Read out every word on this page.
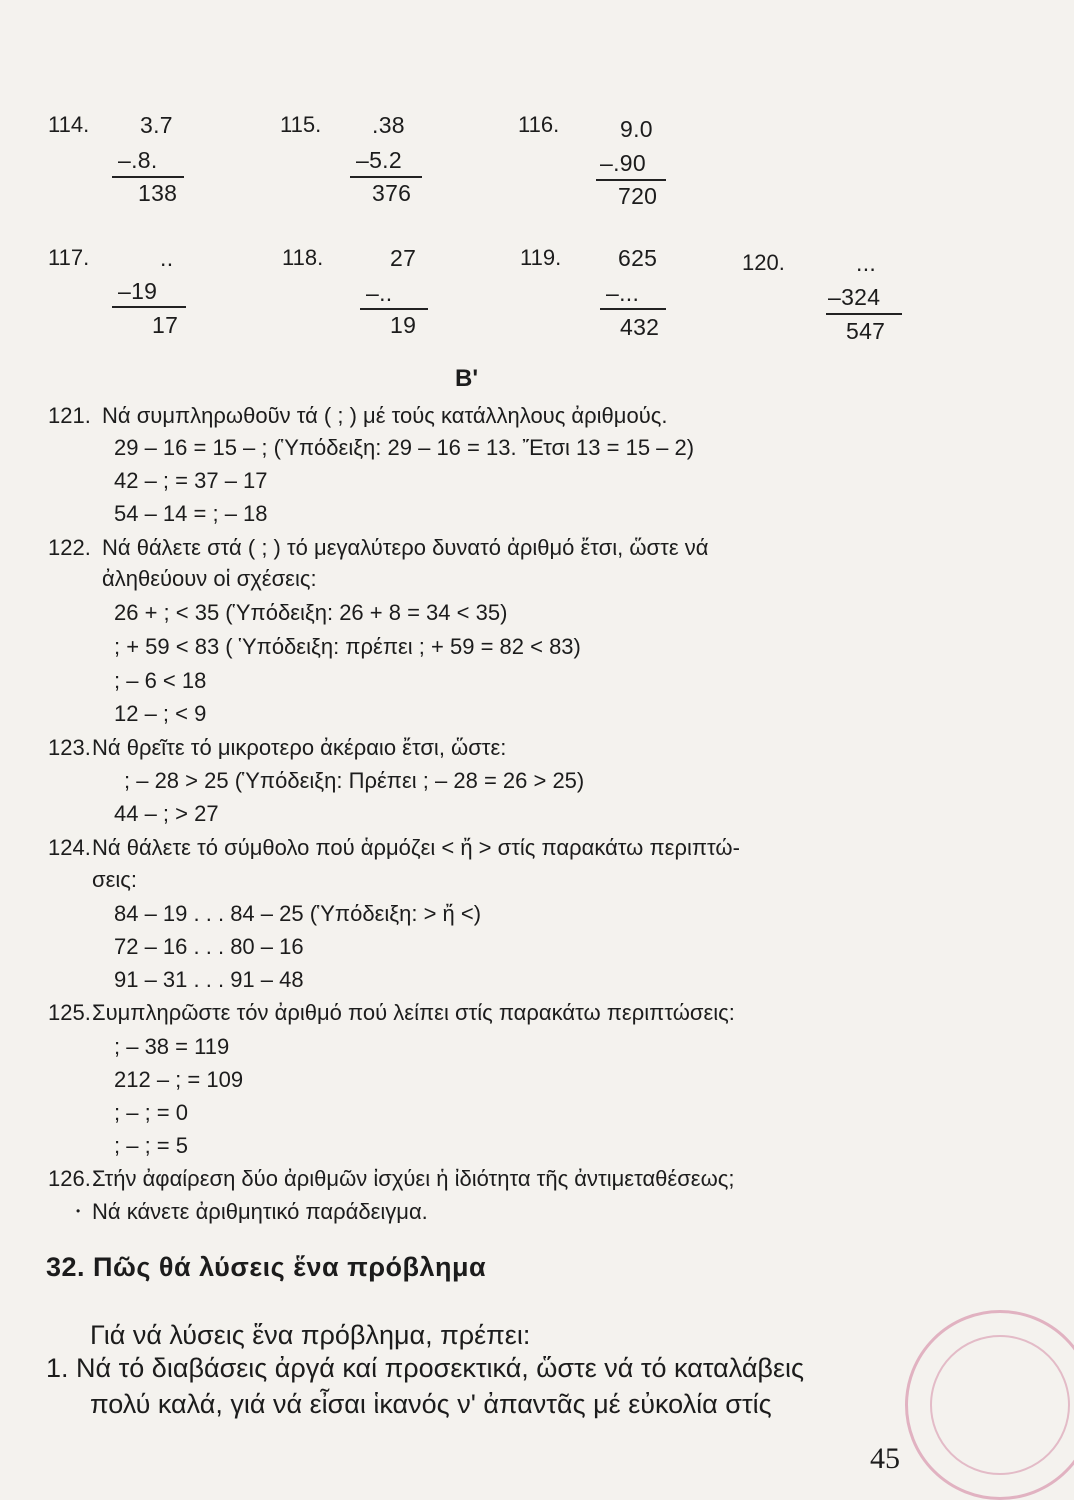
114. 3.7
–.8.
138
115. .38
–5.2
376
116.	9.0
–.90
720
117.	..
–19
17
118.	27
–..
19
119. 625
–...
432
120.	...
–324
547
Β'
121. Νά συμπληρωθοῦν τά ( ; ) μέ τούς κατάλληλους ἀριθμούς.
29 – 16 = 15 – ; (Ὑπόδειξη: 29 – 16 = 13. Ἔτσι 13 = 15 – 2)
42 – ; = 37 – 17
54 – 14 = ; – 18
122. Νά θάλετε στά ( ; ) τό μεγαλύτερο δυνατό ἀριθμό ἔτσι, ὥστε νά
ἀληθεύουν οἱ σχέσεις:
26 + ; < 35 (Ὑπόδειξη: 26 + 8 = 34 < 35)
; + 59 < 83 ( Ὑπόδειξη: πρέπει ; + 59 = 82 < 83)
; – 6 < 18
12 – ; < 9
123. Νά θρεῖτε τό μικροτερο ἀκέραιο ἔτσι, ὥστε:
; – 28 > 25 (Ὑπόδειξη: Πρέπει ; – 28 = 26 > 25)
44 – ; > 27
124. Νά θάλετε τό σύμθολο πού ἁρμόζει < ἤ > στίς παρακάτω περιπτώ-
σεις:
84 – 19 . . . 84 – 25 (Ὑπόδειξη: > ἤ <)
72 – 16 . . . 80 – 16
91 – 31 . . . 91 – 48
125. Συμπληρῶστε τόν ἀριθμό πού λείπει στίς παρακάτω περιπτώσεις:
; – 38 = 119
212 – ; = 109
; – ; = 0
; – ; = 5
126. Στήν ἀφαίρεση δύο ἀριθμῶν ἰσχύει ἡ ἰδιότητα τῆς ἀντιμεταθέσεως;
• Νά κάνετε ἀριθμητικό παράδειγμα.
32. Πῶς θά λύσεις ἕνα πρόβλημα
Γιά νά λύσεις ἕνα πρόβλημα, πρέπει:
1. Νά τό διαβάσεις ἀργά καί προσεκτικά, ὥστε νά τό καταλάβεις
πολύ καλά, γιά νά εἶσαι ἱκανός ν' ἀπαντᾶς μέ εὐκολία στίς
45
